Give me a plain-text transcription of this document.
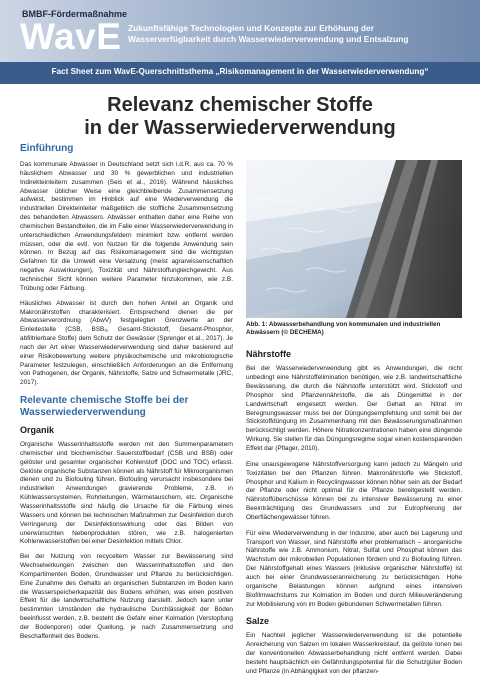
BMBF-Fördermaßnahme
WavE Zukunftsfähige Technologien und Konzepte zur Erhöhung der
Wasserverfügbarkeit durch Wasserwiederverwendung und Entsalzung
Fact Sheet zum WavE-Querschnittsthema „Risikomanagement in der Wasserwiederverwendung“
Relevanz chemischer Stoffe
in der Wasserwiederverwendung
Einführung

Das kommunale Abwasser in Deutschland setzt sich i.d.R. aus ca. 70 % häuslichem Abwasser und 30 % gewerblichen und industriellen Indirekteinleitern zusammen (Seis et al., 2016). Während häusliches Abwasser üblicher Weise eine gleichbleibende Zusammensetzung aufweist, bestimmen im Hinblick auf eine Wiederverwendung die industriellen Direkteinleiter maßgeblich die stoffliche Zusammensetzung des behandelten Abwassers. Abwässer enthalten daher eine Reihe von chemischen Bestandteilen, die im Falle einer Wasserwiederverwendung in unterschiedlichen Anwendungsfeldern minimiert bzw. entfernt werden müssen, oder die evtl. von Nutzen für die folgende Anwendung sein können. In Bezug auf das Risikomanagement sind die wichtigsten Gefahren für die Umwelt eine Versalzung (meist agrarwissenschaftlich negative Auswirkungen), Toxizität und Nährstoffungleichgewicht. Aus technischer Sicht können weitere Parameter hinzukommen, wie z.B. Trübung oder Färbung.

Häusliches Abwasser ist durch den hohen Anteil an Organik und Makronährstoffen charakterisiert. Entsprechend dienen die per Abwasserverordnung (AbwV) festgelegten Grenzwerte an der Einleitestelle (CSB, BSB₅, Gesamt-Stickstoff, Gesamt-Phosphor, abfiltrierbare Stoffe) dem Schutz der Gewässer (Sprenger et al., 2017). Je nach der Art einer Wasserwiederverwendung sind daher basierend auf einer Risikobewertung weitere physikochemische und mikrobiologische Parameter festzulegen, einschließlich Anforderungen an die Entfernung von Pathogenen, der Organik, Nährstoffe, Salze und Schwermetalle (JRC, 2017).

Relevante chemische Stoffe bei der
Wasserwiederverwendung
Organik

Organische Wasserinhaltsstoffe werden mit den Summenparametern chemischer und biochemischer Sauerstoffbedarf (CSB und BSB) oder gelöster und gesamter organischer Kohlenstoff (DOC und TOC) erfasst. Gelöste organische Substanzen können als Nährstoff für Mikroorganismen dienen und zu Biofouling führen. Biofouling verursacht insbesondere bei industriellen Anwendungen gravierende Probleme, z.B. in Kühlwassersystemen, Rohrleitungen, Wärmetauschern, etc. Organische Wasserinhaltsstoffe sind häufig die Ursache für die Färbung eines Wassers und können bei technischen Maßnahmen zur Desinfektion durch Verringerung der Desinfektionswirkung oder das Bilden von unerwünschten Nebenprodukten stören, wie z.B. halogenierten Kohlenwasserstoffen bei einer Desinfektion mittels Chlor.

Bei der Nutzung von recyceltem Wasser zur Bewässerung sind Wechselwirkungen zwischen den Wasserinhaltsstoffen und den Kompartimenten Boden, Grundwasser und Pflanze zu berücksichtigen. Eine Zunahme des Gehalts an organischen Substanzen im Boden kann die Wasserspeicherkapazität des Bodens erhöhen, was einen positiven Effekt für die landwirtschaftliche Nutzung darstellt. Jedoch kann unter bestimmten Umständen die hydraulische Durchlässigkeit der Böden beeinflusst werden, z.B. besteht die Gefahr einer Kolmation (Verstopfung der Bodenporen) oder Quellung, je nach Zusammensetzung und Beschaffenheit des Bodens.

Abb. 1: Abwasserbehandlung von kommunalen und industriellen Abwässern (© DECHEMA)

Nährstoffe

Bei der Wasserwiederverwendung gibt es Anwendungen, die nicht unbedingt eine Nährstoffelimination benötigen, wie z.B. landwirtschaftliche Bewässerung, die durch die Nährstoffe unterstützt wird. Stickstoff und Phosphor sind Pflanzennährstoffe, die als Düngemittel in der Landwirtschaft eingesetzt werden. Der Gehalt an Nitrat im Beregnungswasser muss bei der Düngungsempfehlung und somit bei der Stickstoffdüngung im Zusammenhang mit den Bewässerungsmaßnahmen berücksichtigt werden. Höhere Nitratkonzentrationen haben eine düngende Wirkung. Sie stellen für das Düngungsregime sogar einen kostensparenden Effekt dar (Pflager, 2010).

Eine unausgewogene Nährstoffversorgung kann jedoch zu Mängeln und Toxizitäten bei den Pflanzen führen. Makronährstoffe wie Stickstoff, Phosphor und Kalium in Recyclingwasser können höher sein als der Bedarf der Pflanze oder nicht optimal für die Pflanze bereitgestellt werden. Nährstoffüberschüsse können bei zu intensiver Bewässerung zu einer Beeinträchtigung des Grundwassers und zur Eutrophierung der Oberflächengewässer führen.

Für eine Wiederverwendung in der Industrie, aber auch bei Lagerung und Transport von Wasser, sind Nährstoffe eher problematisch – anorganische Nährstoffe wie z.B. Ammonium, Nitrat, Sulfat und Phosphat können das Wachstum der mikrobiellen Populationen fördern und zu Biofouling führen. Der Nährstoffgehalt eines Wassers (inklusive organischer Nährstoffe) ist auch bei einer Grundwasseranreicherung zu berücksichtigen. Hohe organische Belastungen können aufgrund eines intensiven Biofilmwachstums zur Kolmation im Boden und durch Milieuveränderung zur Mobilisierung von im Boden gebundenen Schwermetallen führen.

Salze

Ein Nachteil jeglicher Wasserwiederverwendung ist die potentielle Anreicherung von Salzen im lokalen Wasserkreislauf, da gelöste Ionen bei der konventionellen Abwasserbehandlung nicht entfernt werden. Dabei besteht hauptsächlich ein Gefährdungspotential für die Schutzgüter Boden und Pflanze (in Abhängigkeit von der pflanzen-
